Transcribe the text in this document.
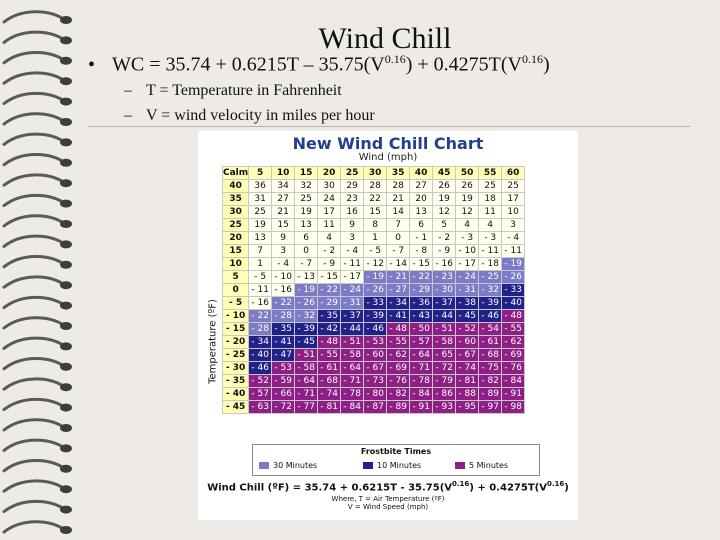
Wind Chill
• WC = $35.74 + 0.6215T - 35.75(V^{0.16}) + 0.4275T(V^{0.16})$
– T = Temperature in Fahrenheit
– V = wind velocity in miles per hour
New Wind Chill Chart
Wind (mph)
Temperature (ºF)
Calm	5	10	15	20	25	30	35	40	45	50	55	60
40	36	34	32	30	29	28	28	27	26	26	25	25
35	31	27	25	24	23	22	21	20	19	19	18	17
30	25	21	19	17	16	15	14	13	12	12	11	10
25	19	15	13	11	9	8	7	6	5	4	4	3
20	13	9	6	4	3	1	0	- 1	- 2	- 3	- 3	- 4
15	7	3	0	- 2	- 4	- 5	- 7	- 8	- 9	- 10	- 11	- 11
10	1	- 4	- 7	- 9	- 11	- 12	- 14	- 15	- 16	- 17	- 18	- 19
5	- 5	- 10	- 13	- 15	- 17	- 19	- 21	- 22	- 23	- 24	- 25	- 26
0	- 11	- 16	- 19	- 22	- 24	- 26	- 27	- 29	- 30	- 31	- 32	- 33
- 5	- 16	- 22	- 26	- 29	- 31	- 33	- 34	- 36	- 37	- 38	- 39	- 40
- 10	- 22	- 28	- 32	- 35	- 37	- 39	- 41	- 43	- 44	- 45	- 46	- 48
- 15	- 28	- 35	- 39	- 42	- 44	- 46	- 48	- 50	- 51	- 52	- 54	- 55
- 20	- 34	- 41	- 45	- 48	- 51	- 53	- 55	- 57	- 58	- 60	- 61	- 62
- 25	- 40	- 47	- 51	- 55	- 58	- 60	- 62	- 64	- 65	- 67	- 68	- 69
- 30	- 46	- 53	- 58	- 61	- 64	- 67	- 69	- 71	- 72	- 74	- 75	- 76
- 35	- 52	- 59	- 64	- 68	- 71	- 73	- 76	- 78	- 79	- 81	- 82	- 84
- 40	- 57	- 66	- 71	- 74	- 78	- 80	- 82	- 84	- 86	- 88	- 89	- 91
- 45	- 63	- 72	- 77	- 81	- 84	- 87	- 89	- 91	- 93	- 95	- 97	- 98
Frostbite Times
30 Minutes	10 Minutes	5 Minutes
Wind Chill (ºF) = $35.74 + 0.6215T - 35.75(V^{0.16}) + 0.4275T(V^{0.16})$
Where, T = Air Temperature (ºF)
V = Wind Speed (mph)
